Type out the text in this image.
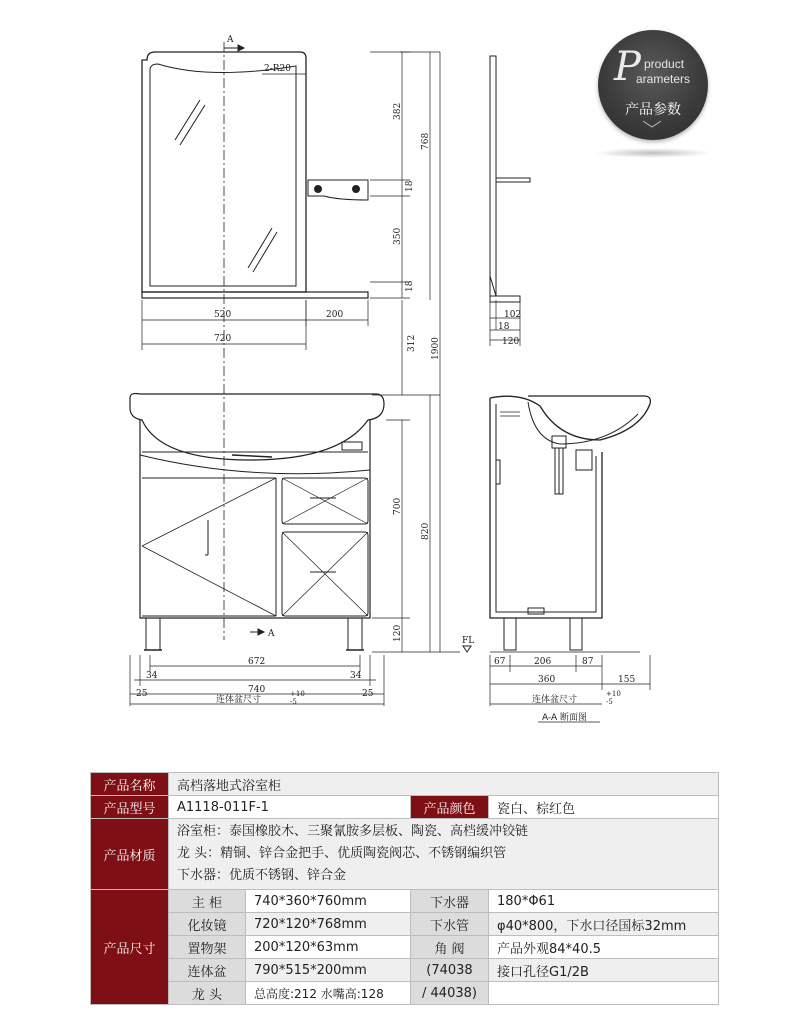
A
A
2-R20
520	200
720
382
768
18
350
18
312 1900
700
820
120
672
34	34
740
25	25
连体盆尺寸
+10
-5
102
18
120
FL
67	206	87
360	155
连体盆尺寸
+10
-5
A-A 断面图
P product
arameters
产品参数
产品名称	高档落地式浴室柜			
产品型号	A1118-011F-1		产品颜色	瓷白、棕红色
产品材质	浴室柜：泰国橡胶木、三聚氰胺多层板、陶瓷、高档缓冲铰链
龙 头：精铜、锌合金把手、优质陶瓷阀芯、不锈钢编织管
下水器：优质不锈钢、锌合金			

产品尺寸	主 柜	740*360*760mm	下水器	180*Φ61
	化妆镜	720*120*768mm	下水管	φ40*800，下水口径国标32mm
	置物架	200*120*63mm	角 阀	产品外观84*40.5
	连体盆	790*515*200mm	(74038	接口孔径G1/2B
	龙 头	总高度:212 水嘴高:128	/ 44038)	
